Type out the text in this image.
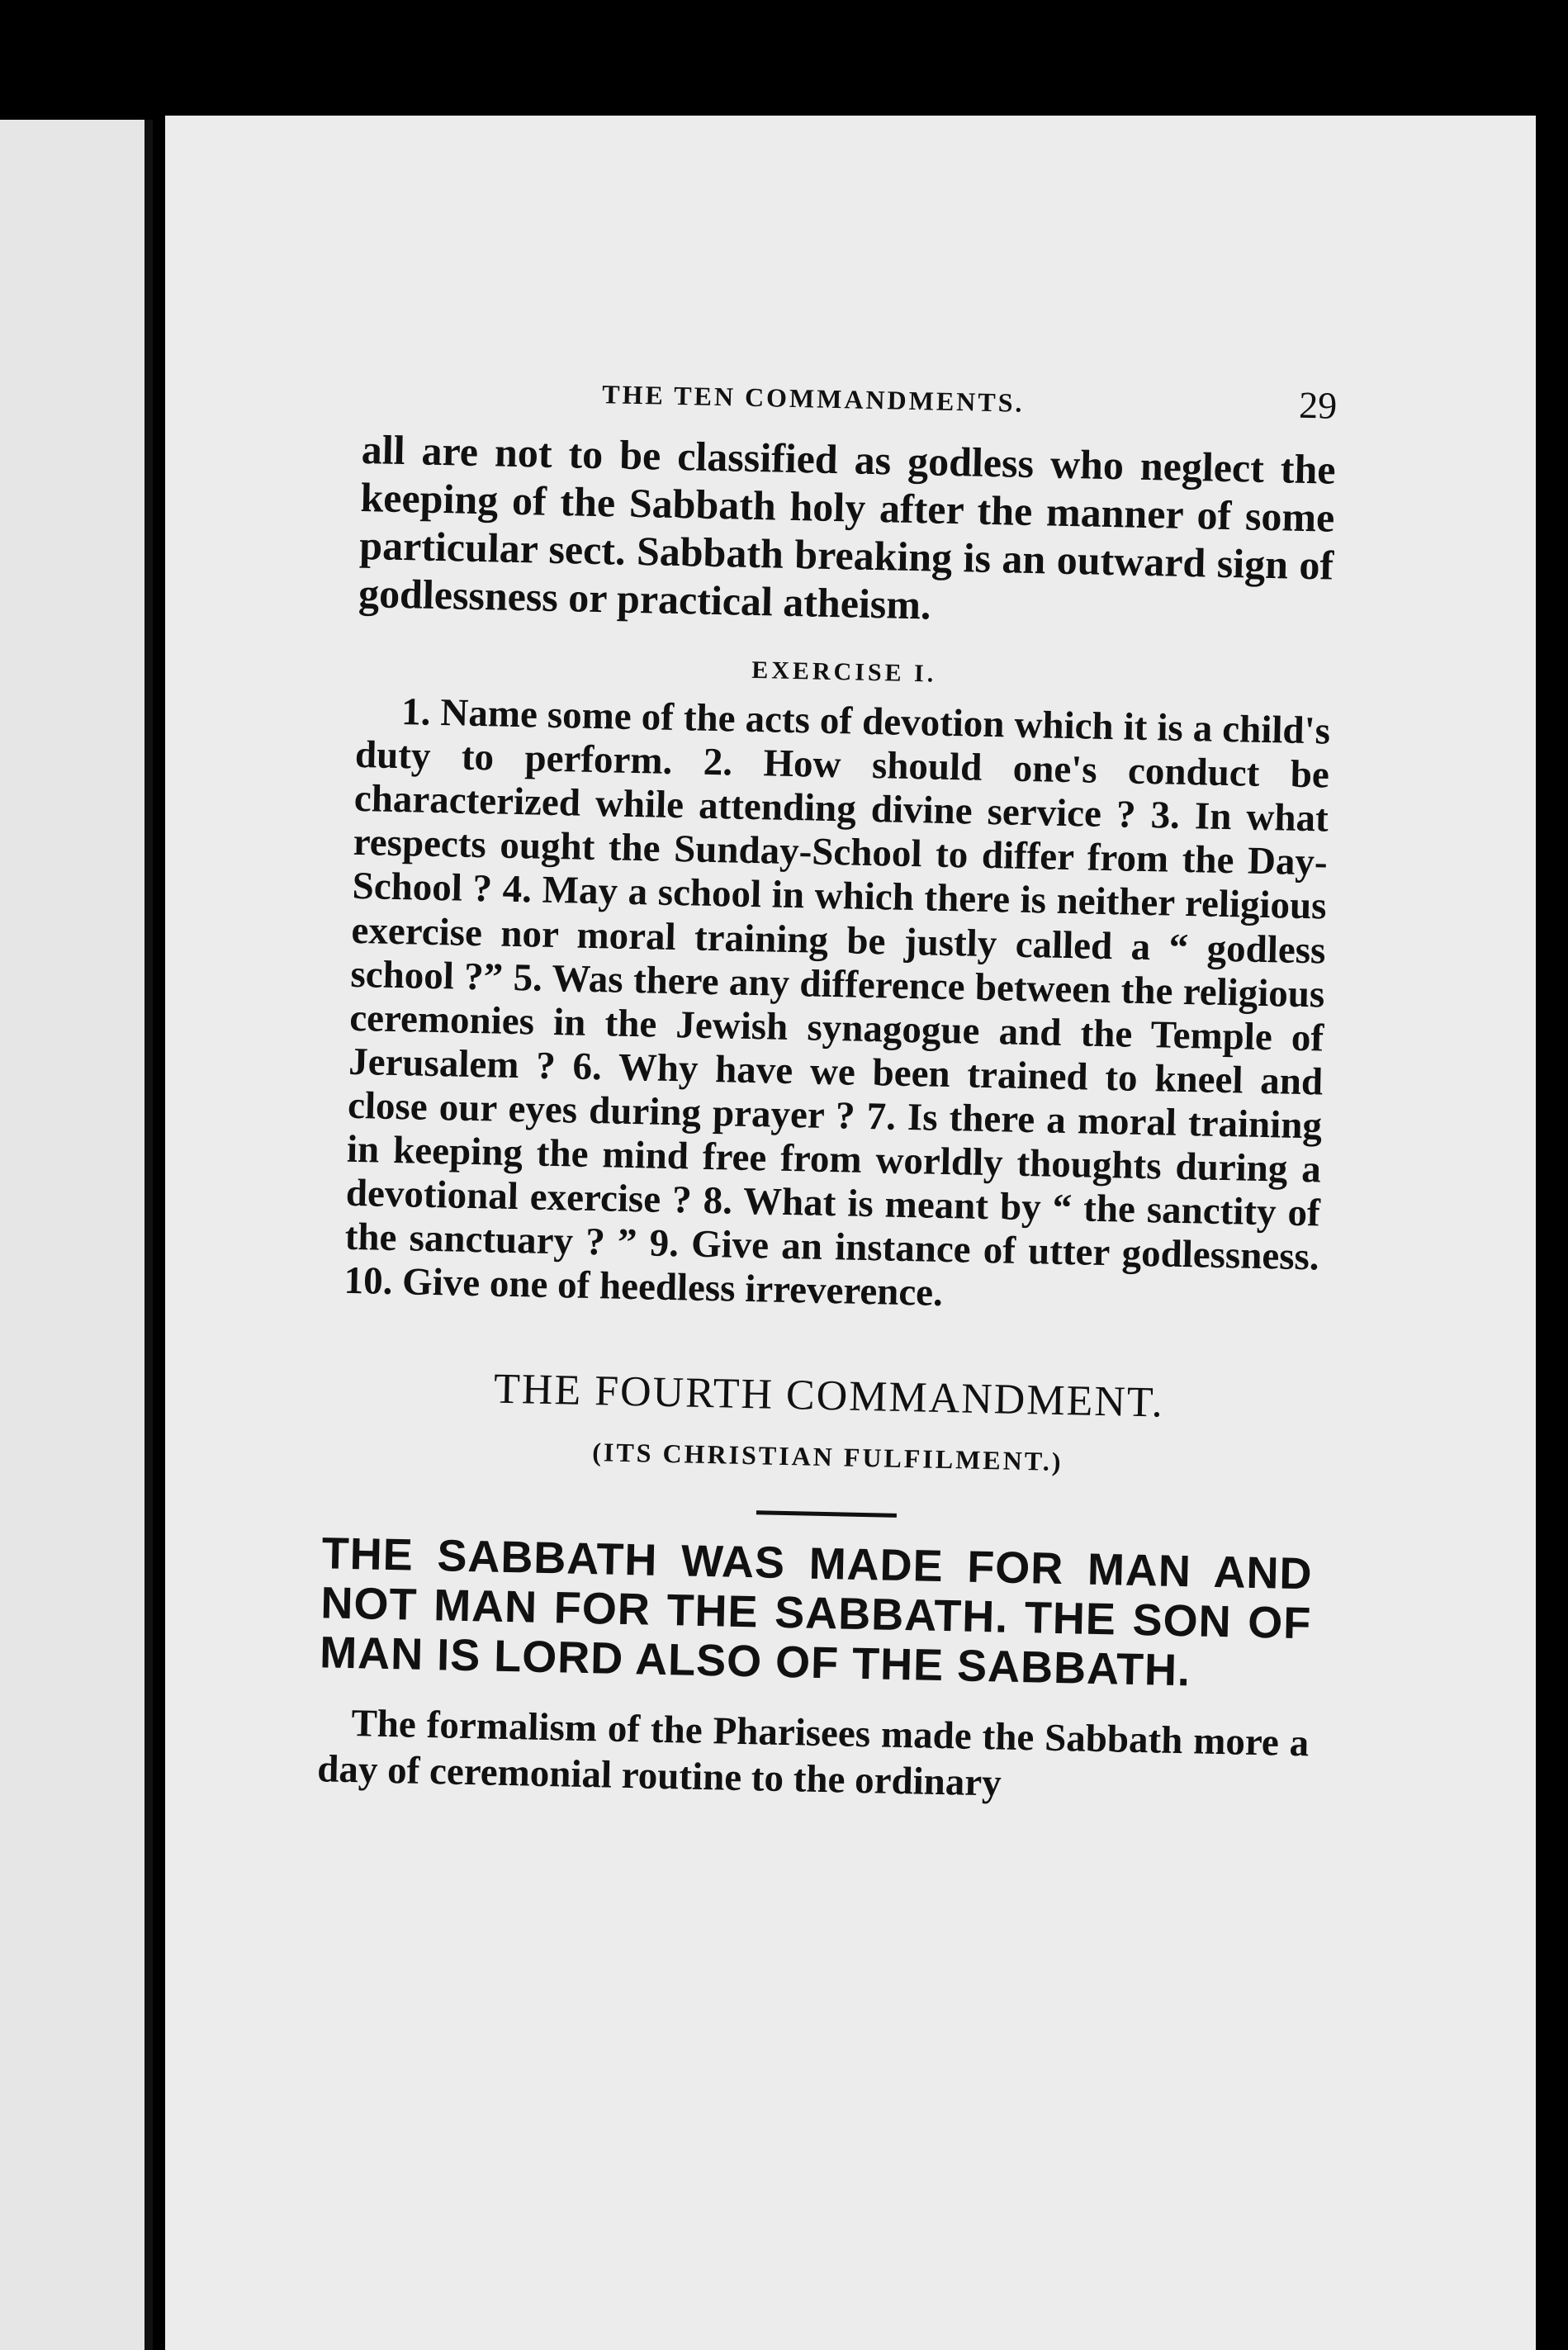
THE TEN COMMANDMENTS.	29

all are not to be classified as godless who neglect the keeping of the Sabbath holy after the manner of some particular sect. Sabbath breaking is an outward sign of godlessness or practical atheism.

EXERCISE I.

1. Name some of the acts of devotion which it is a child's duty to perform. 2. How should one's conduct be characterized while attending divine service ? 3. In what respects ought the Sunday-School to differ from the Day-School ? 4. May a school in which there is neither religious exercise nor moral training be justly called a “ godless school ?” 5. Was there any difference between the religious ceremonies in the Jewish synagogue and the Temple of Jerusalem ? 6. Why have we been trained to kneel and close our eyes during prayer ? 7. Is there a moral training in keeping the mind free from worldly thoughts during a devotional exercise ? 8. What is meant by “ the sanctity of the sanctuary ? ” 9. Give an instance of utter godlessness. 10. Give one of heedless irreverence.

THE FOURTH COMMANDMENT.
(ITS CHRISTIAN FULFILMENT.)
THE SABBATH WAS MADE FOR MAN AND NOT MAN FOR THE SABBATH. THE SON OF MAN IS LORD ALSO OF THE SABBATH.

The formalism of the Pharisees made the Sabbath more a day of ceremonial routine to the ordinary
